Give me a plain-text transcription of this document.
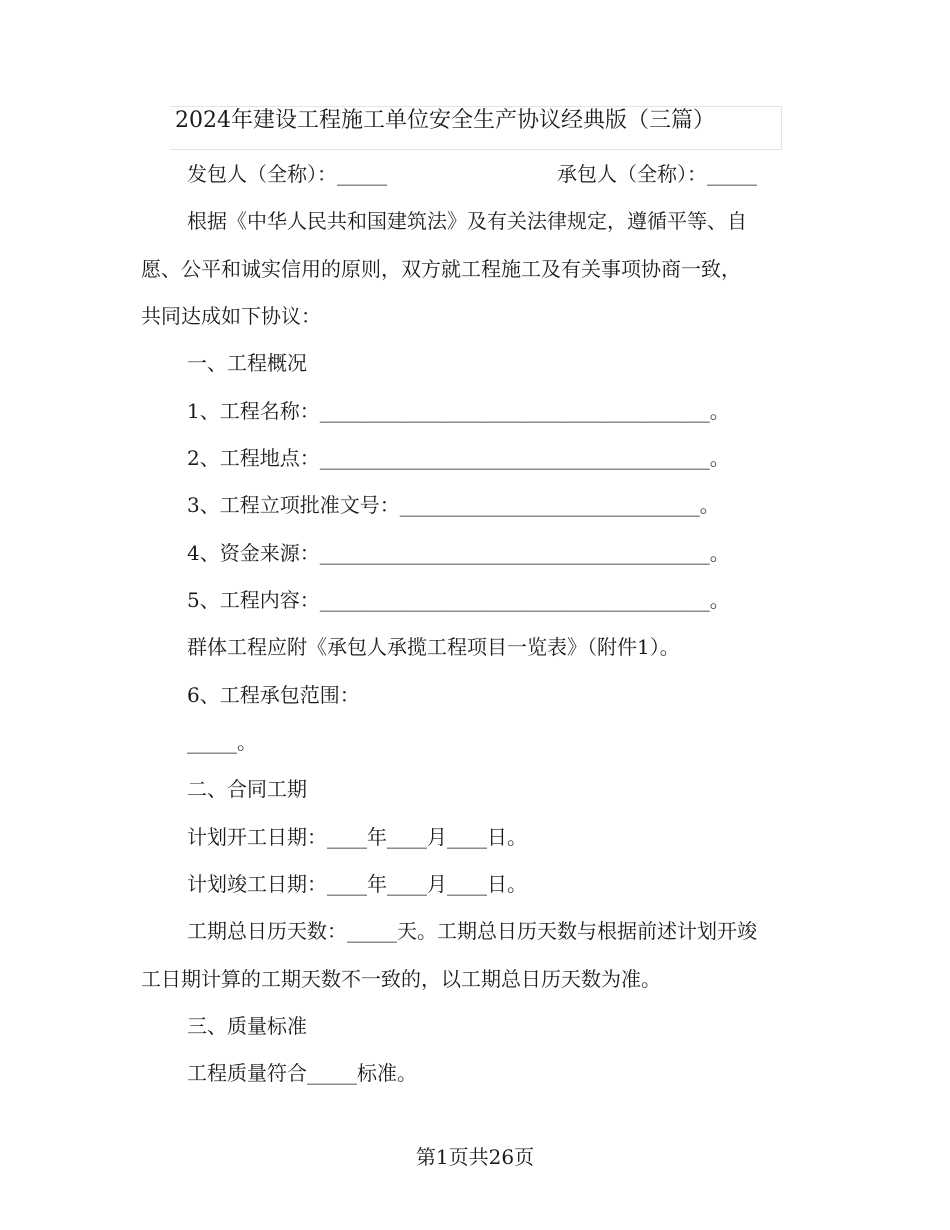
2024年建设工程施工单位安全生产协议经典版（三篇）
发包人（全称）：_____	承包人（全称）：_____
根据《中华人民共和国建筑法》及有关法律规定，遵循平等、自
愿、公平和诚实信用的原则，双方就工程施工及有关事项协商一致，
共同达成如下协议：
一、工程概况
1、工程名称：_______________________________________。
2、工程地点：_______________________________________。
3、工程立项批准文号：______________________________。
4、资金来源：_______________________________________。
5、工程内容：_______________________________________。
群体工程应附《承包人承揽工程项目一览表》（附件1）。
6、工程承包范围：
_____。
二、合同工期
计划开工日期：____年____月____日。
计划竣工日期：____年____月____日。
工期总日历天数：_____天。工期总日历天数与根据前述计划开竣
工日期计算的工期天数不一致的，以工期总日历天数为准。
三、质量标准
工程质量符合_____标准。
第1页共26页
